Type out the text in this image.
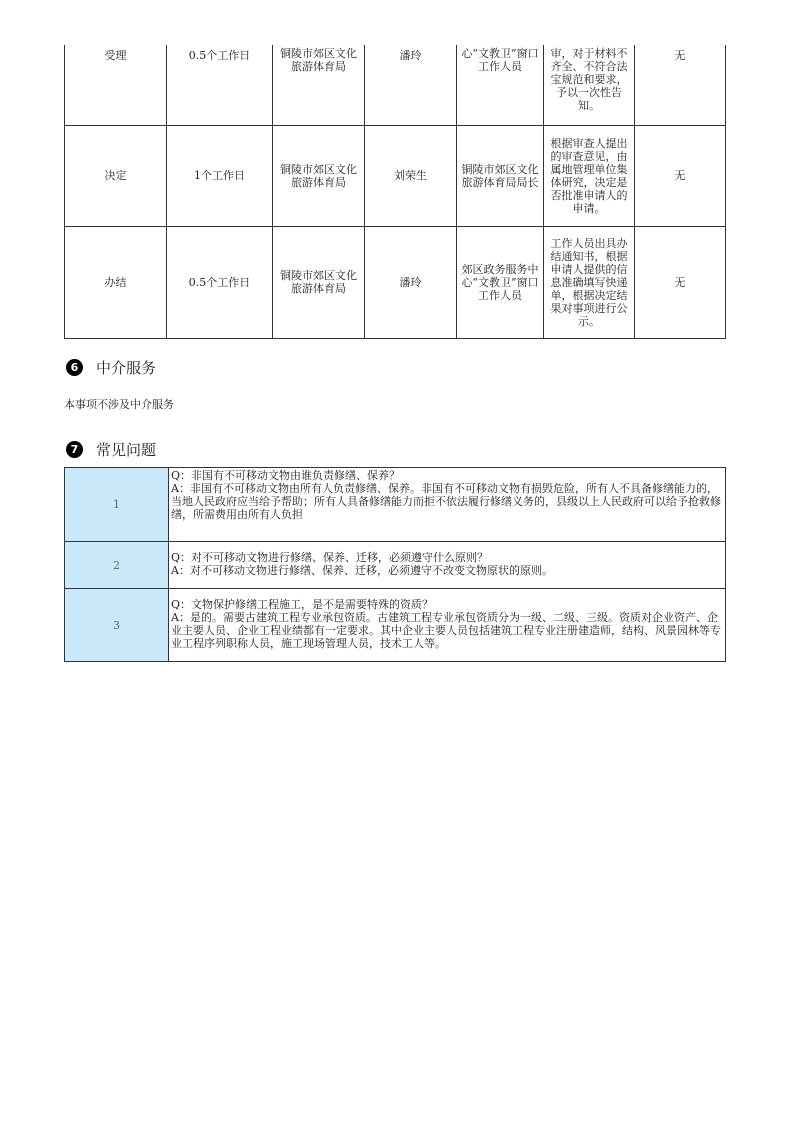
受理	0.5个工作日	铜陵市郊区文化旅游体育局	潘玲	心“文教卫”窗口工作人员	审，对于材料不齐全、不符合法宝规范和要求，予以一次性告知。	无
决定	1个工作日	铜陵市郊区文化旅游体育局	刘荣生	铜陵市郊区文化旅游体育局局长	根据审查人提出的审查意见，由属地管理单位集体研究，决定是否批准申请人的申请。	无
办结	0.5个工作日	铜陵市郊区文化旅游体育局	潘玲	郊区政务服务中心“文教卫”窗口工作人员	工作人员出具办结通知书，根据申请人提供的信息准确填写快递单，根据决定结果对事项进行公示。	无
6	中介服务
本事项不涉及中介服务
7	常见问题
1	Q：非国有不可移动文物由谁负责修缮、保养？
A：非国有不可移动文物由所有人负责修缮、保养。非国有不可移动文物有损毁危险，所有人不具备修缮能力的，当地人民政府应当给予帮助；所有人具备修缮能力而拒不依法履行修缮义务的，县级以上人民政府可以给予抢救修缮，所需费用由所有人负担

2	Q：对不可移动文物进行修缮、保养、迁移，必须遵守什么原则？
A：对不可移动文物进行修缮、保养、迁移，必须遵守不改变文物原状的原则。

3	Q：文物保护修缮工程施工，是不是需要特殊的资质？
A：是的。需要古建筑工程专业承包资质。古建筑工程专业承包资质分为一级、二级、三级。资质对企业资产、企业主要人员、企业工程业绩都有一定要求。其中企业主要人员包括建筑工程专业注册建造师，结构、风景园林等专业工程序列职称人员，施工现场管理人员，技术工人等。
